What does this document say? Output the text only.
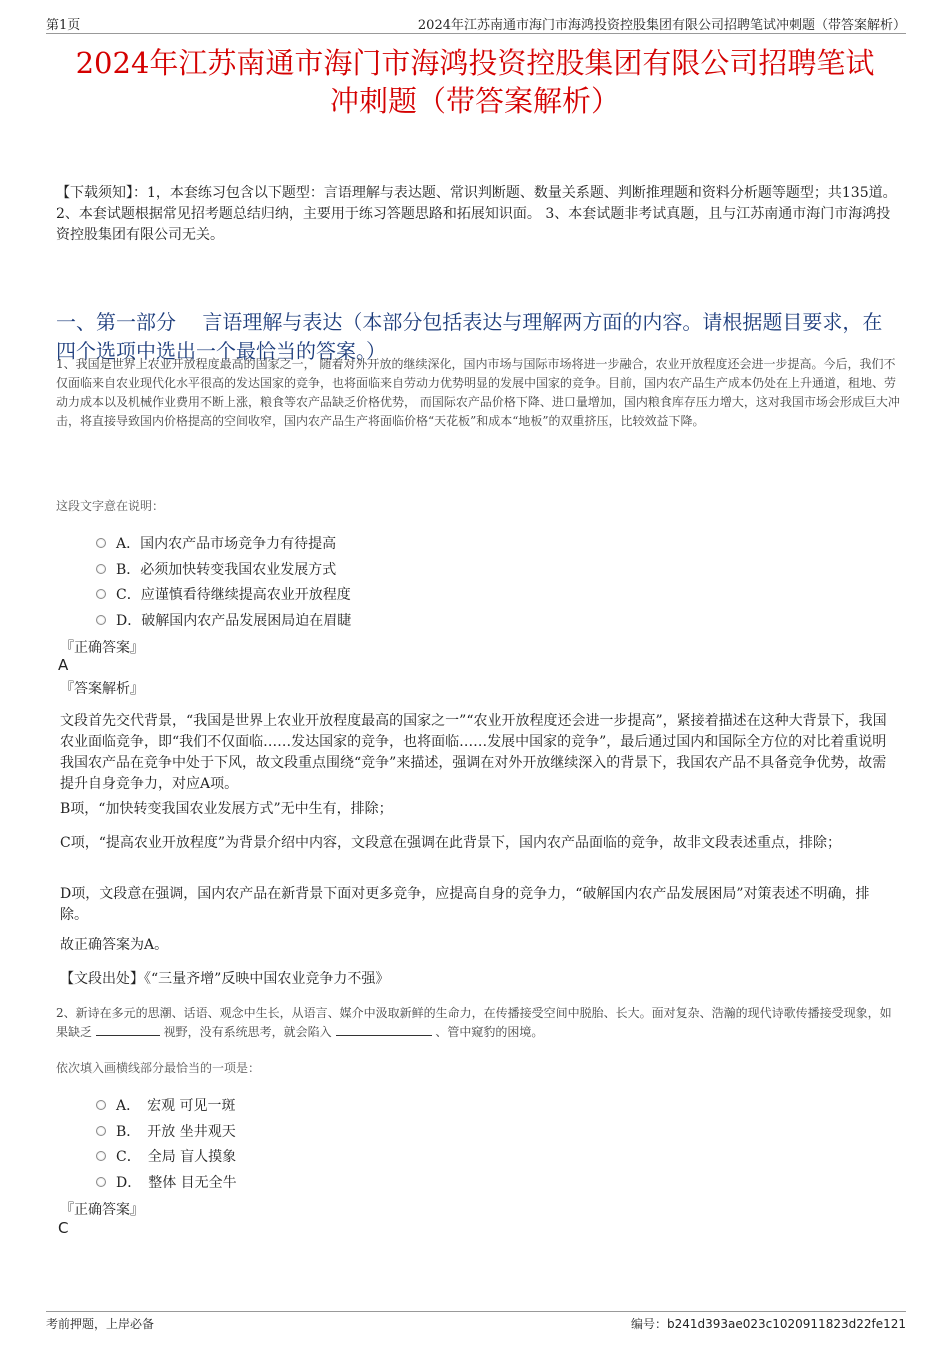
第1页	2024年江苏南通市海门市海鸿投资控股集团有限公司招聘笔试冲刺题（带答案解析）
2024年江苏南通市海门市海鸿投资控股集团有限公司招聘笔试
冲刺题（带答案解析）
【下载须知】：1，本套练习包含以下题型：言语理解与表达题、常识判断题、数量关系题、判断推理题和资料分析题等题型；共135道。 2、本套试题根据常见招考题总结归纳，主要用于练习答题思路和拓展知识面。 3、本套试题非考试真题，且与江苏南通市海门市海鸿投资控股集团有限公司无关。
一、第一部分　 言语理解与表达（本部分包括表达与理解两方面的内容。请根据题目要求，在四个选项中选出一个最恰当的答案。）
1、我国是世界上农业开放程度最高的国家之一， 随着对外开放的继续深化，国内市场与国际市场将进一步融合，农业开放程度还会进一步提高。今后，我们不仅面临来自农业现代化水平很高的发达国家的竞争，也将面临来自劳动力优势明显的发展中国家的竞争。目前，国内农产品生产成本仍处在上升通道，租地、劳动力成本以及机械作业费用不断上涨，粮食等农产品缺乏价格优势， 而国际农产品价格下降、进口量增加，国内粮食库存压力增大，这对我国市场会形成巨大冲击，将直接导致国内价格提高的空间收窄，国内农产品生产将面临价格“天花板”和成本“地板”的双重挤压，比较效益下降。
这段文字意在说明：
A．国内农产品市场竞争力有待提高
B．必须加快转变我国农业发展方式
C．应谨慎看待继续提高农业开放程度
D．破解国内农产品发展困局迫在眉睫
『正确答案』
A
『答案解析』
文段首先交代背景，“我国是世界上农业开放程度最高的国家之一”“农业开放程度还会进一步提高”，紧接着描述在这种大背景下，我国农业面临竞争，即“我们不仅面临……发达国家的竞争，也将面临……发展中国家的竞争”，最后通过国内和国际全方位的对比着重说明我国农产品在竞争中处于下风，故文段重点围绕“竞争”来描述，强调在对外开放继续深入的背景下，我国农产品不具备竞争优势，故需提升自身竞争力，对应A项。
B项，“加快转变我国农业发展方式”无中生有，排除；
C项，“提高农业开放程度”为背景介绍中内容，文段意在强调在此背景下，国内农产品面临的竞争，故非文段表述重点，排除；
D项，文段意在强调，国内农产品在新背景下面对更多竞争，应提高自身的竞争力，“破解国内农产品发展困局”对策表述不明确，排除。
故正确答案为A。
【文段出处】《“三量齐增”反映中国农业竞争力不强》
2、新诗在多元的思潮、话语、观念中生长，从语言、媒介中汲取新鲜的生命力，在传播接受空间中脱胎、长大。面对复杂、浩瀚的现代诗歌传播接受现象，如果缺乏	视野，没有系统思考，就会陷入	、管中窥豹的困境。
依次填入画横线部分最恰当的一项是：
A．　宏观 可见一斑
B．　开放 坐井观天
C．　全局 盲人摸象
D．　整体 目无全牛
『正确答案』
C
考前押题，上岸必备	编号：b241d393ae023c1020911823d22fe121
